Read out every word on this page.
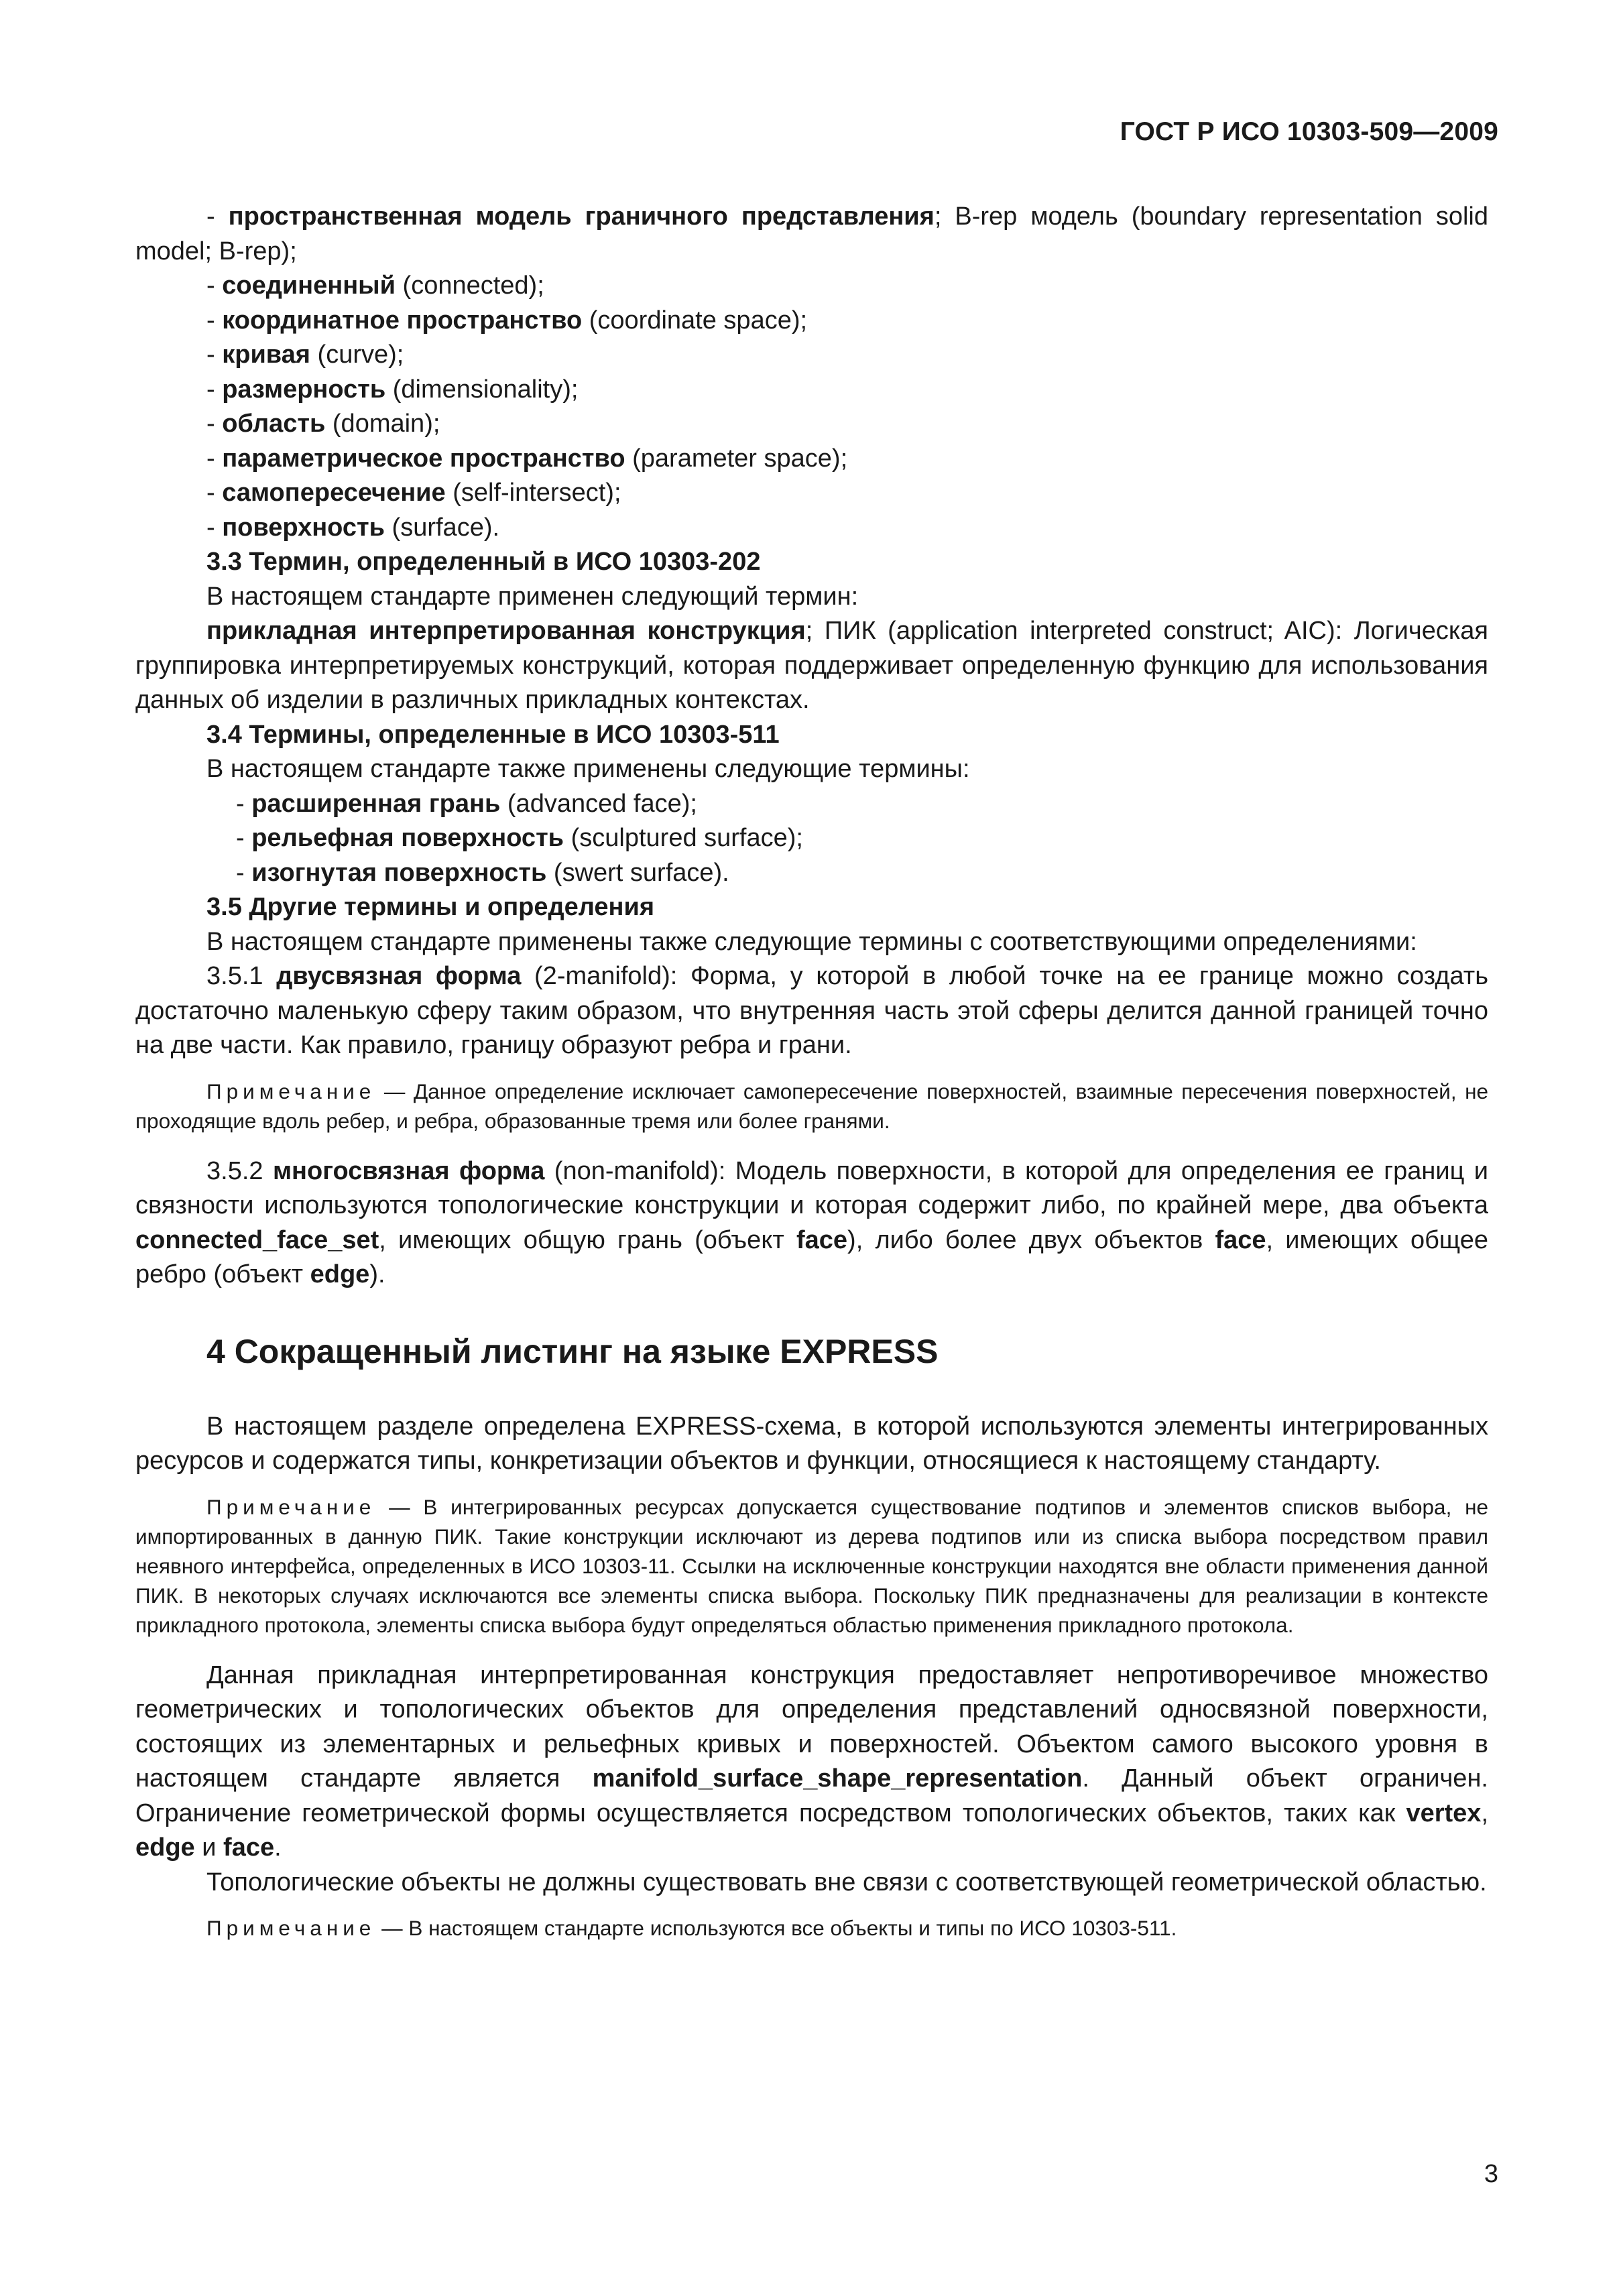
ГОСТ Р ИСО 10303-509—2009

- пространственная модель граничного представления; B-rep модель (boundary representation solid model; B-rep);

- соединенный (connected);

- координатное пространство (coordinate space);

- кривая (curve);

- размерность (dimensionality);

- область (domain);

- параметрическое пространство (parameter space);

- самопересечение (self-intersect);

- поверхность (surface).

3.3 Термин, определенный в ИСО 10303-202

В настоящем стандарте применен следующий термин:

прикладная интерпретированная конструкция; ПИК (application interpreted construct; AIC): Логическая группировка интерпретируемых конструкций, которая поддерживает определенную функцию для использования данных об изделии в различных прикладных контекстах.

3.4 Термины, определенные в ИСО 10303-511

В настоящем стандарте также применены следующие термины:

- расширенная грань (advanced face);

- рельефная поверхность (sculptured surface);

- изогнутая поверхность (swert surface).

3.5 Другие термины и определения

В настоящем стандарте применены также следующие термины с соответствующими определениями:

3.5.1 двусвязная форма (2-manifold): Форма, у которой в любой точке на ее границе можно создать достаточно маленькую сферу таким образом, что внутренняя часть этой сферы делится данной границей точно на две части. Как правило, границу образуют ребра и грани.

Примечание — Данное определение исключает самопересечение поверхностей, взаимные пересечения поверхностей, не проходящие вдоль ребер, и ребра, образованные тремя или более гранями.

3.5.2 многосвязная форма (non-manifold): Модель поверхности, в которой для определения ее границ и связности используются топологические конструкции и которая содержит либо, по крайней мере, два объекта connected_face_set, имеющих общую грань (объект face), либо более двух объектов face, имеющих общее ребро (объект edge).

4 Сокращенный листинг на языке EXPRESS

В настоящем разделе определена EXPRESS-схема, в которой используются элементы интегрированных ресурсов и содержатся типы, конкретизации объектов и функции, относящиеся к настоящему стандарту.

Примечание — В интегрированных ресурсах допускается существование подтипов и элементов списков выбора, не импортированных в данную ПИК. Такие конструкции исключают из дерева подтипов или из списка выбора посредством правил неявного интерфейса, определенных в ИСО 10303-11. Ссылки на исключенные конструкции находятся вне области применения данной ПИК. В некоторых случаях исключаются все элементы списка выбора. Поскольку ПИК предназначены для реализации в контексте прикладного протокола, элементы списка выбора будут определяться областью применения прикладного протокола.

Данная прикладная интерпретированная конструкция предоставляет непротиворечивое множество геометрических и топологических объектов для определения представлений односвязной поверхности, состоящих из элементарных и рельефных кривых и поверхностей. Объектом самого высокого уровня в настоящем стандарте является manifold_surface_shape_representation. Данный объект ограничен. Ограничение геометрической формы осуществляется посредством топологических объектов, таких как vertex, edge и face.

Топологические объекты не должны существовать вне связи с соответствующей геометрической областью.

Примечание — В настоящем стандарте используются все объекты и типы по ИСО 10303-511.

3
